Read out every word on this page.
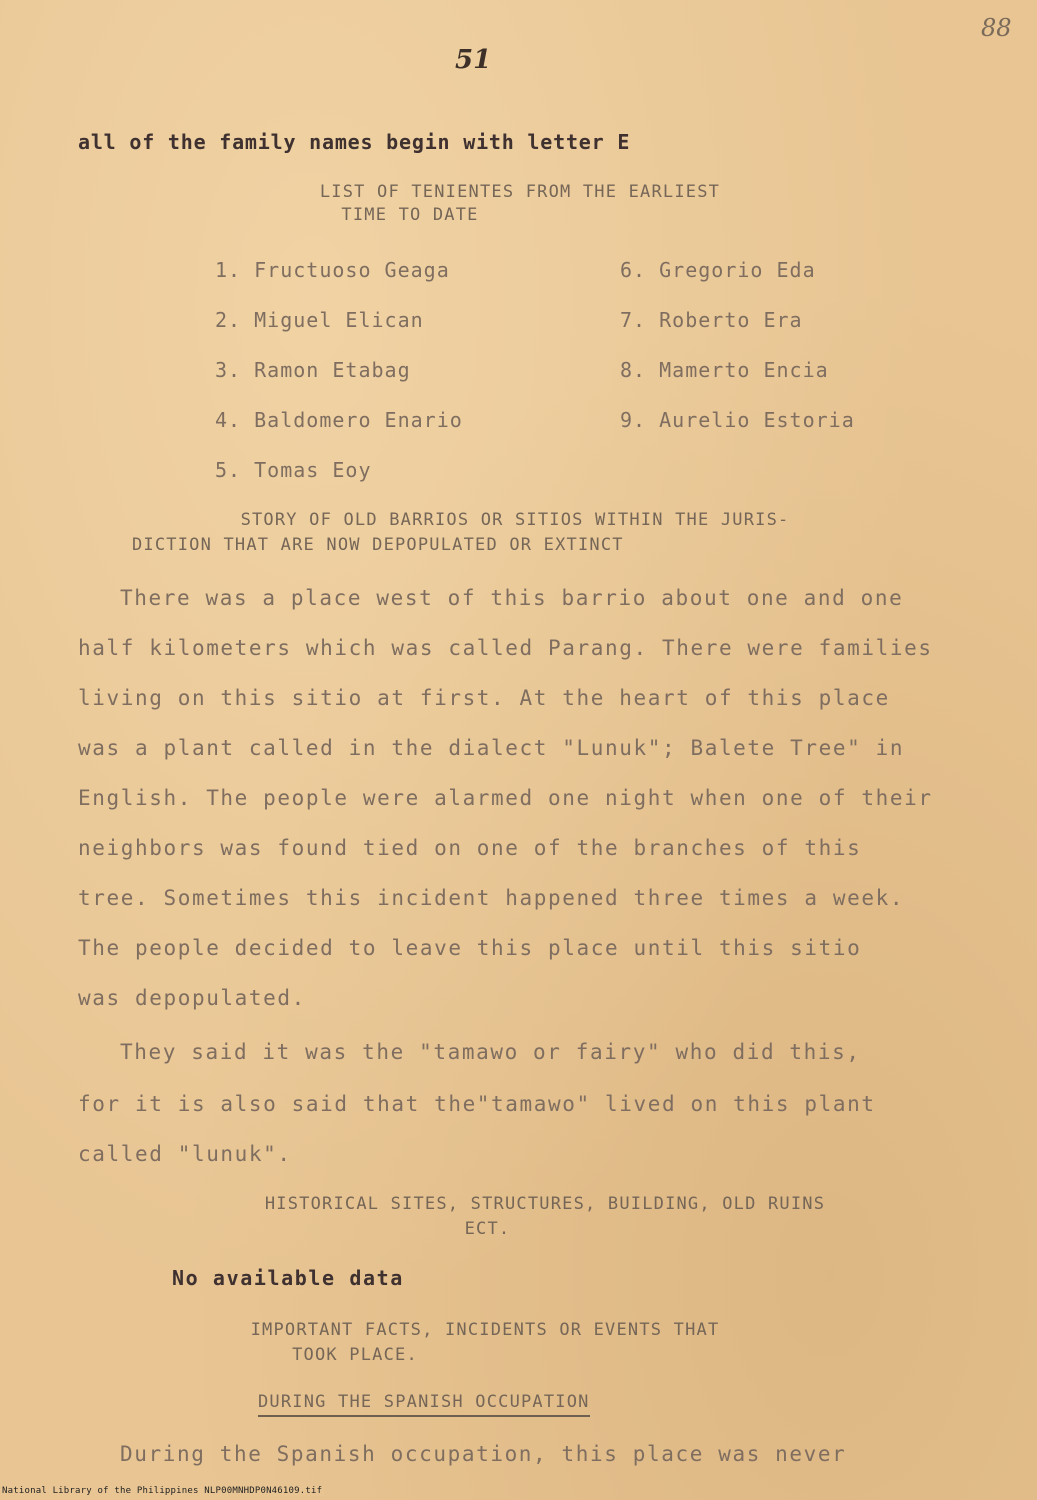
51
88
all of the family names begin with letter E
LIST OF TENIENTES FROM THE EARLIEST
TIME TO DATE
1. Fructuoso Geaga
2. Miguel Elican
3. Ramon Etabag
4. Baldomero Enario
5. Tomas Eoy
6. Gregorio Eda
7. Roberto Era
8. Mamerto Encia
9. Aurelio Estoria
STORY OF OLD BARRIOS OR SITIOS WITHIN THE JURIS-
DICTION THAT ARE NOW DEPOPULATED OR EXTINCT
There was a place west of this barrio about one and one
half kilometers which was called Parang. There were families
living on this sitio at first. At the heart of this place
was a plant called in the dialect "Lunuk"; Balete Tree" in
English. The people were alarmed one night when one of their
neighbors was found tied on one of the branches of this
tree. Sometimes this incident happened three times a week.
The people decided to leave this place until this sitio
was depopulated.
They said it was the "tamawo or fairy" who did this,
for it is also said that the"tamawo" lived on this plant
called "lunuk".
HISTORICAL SITES, STRUCTURES, BUILDING, OLD RUINS
ECT.
No available data
IMPORTANT FACTS, INCIDENTS OR EVENTS THAT
TOOK PLACE.
DURING THE SPANISH OCCUPATION
During the Spanish occupation, this place was never
National Library of the Philippines NLP00MNHDP0N46109.tif
